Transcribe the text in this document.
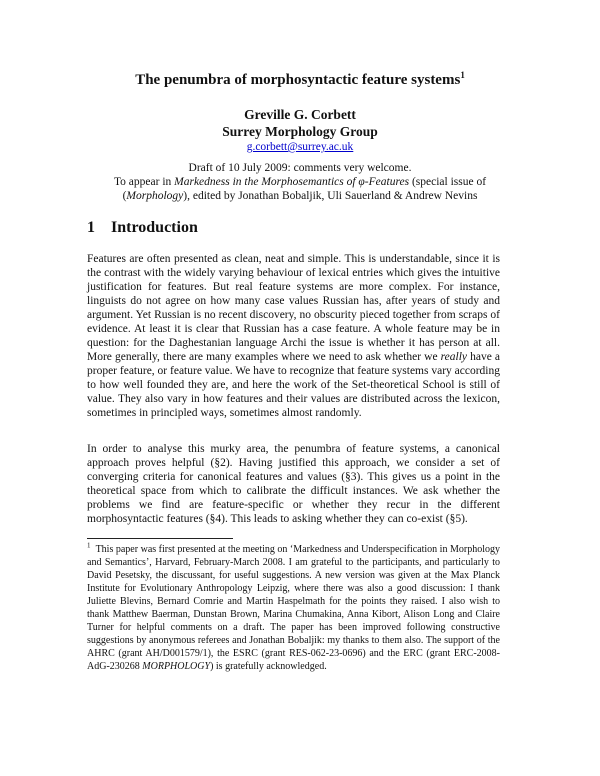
The penumbra of morphosyntactic feature systems$^1$
Greville G. Corbett
Surrey Morphology Group
g.corbett@surrey.ac.uk
Draft of 10 July 2009: comments very welcome.
To appear in Markedness in the Morphosemantics of φ-Features (special issue of
(Morphology), edited by Jonathan Bobaljik, Uli Sauerland & Andrew Nevins
1 Introduction
Features are often presented as clean, neat and simple. This is understandable, since it is the contrast with the widely varying behaviour of lexical entries which gives the intuitive justification for features. But real feature systems are more complex. For instance, linguists do not agree on how many case values Russian has, after years of study and argument. Yet Russian is no recent discovery, no obscurity pieced together from scraps of evidence. At least it is clear that Russian has a case feature. A whole feature may be in question: for the Daghestanian language Archi the issue is whether it has person at all. More generally, there are many examples where we need to ask whether we really have a proper feature, or feature value. We have to recognize that feature systems vary according to how well founded they are, and here the work of the Set-theoretical School is still of value. They also vary in how features and their values are distributed across the lexicon, sometimes in principled ways, sometimes almost randomly.
In order to analyse this murky area, the penumbra of feature systems, a canonical approach proves helpful (§2). Having justified this approach, we consider a set of converging criteria for canonical features and values (§3). This gives us a point in the theoretical space from which to calibrate the difficult instances. We ask whether the problems we find are feature-specific or whether they recur in the different morphosyntactic features (§4). This leads to asking whether they can co-exist (§5).
$^1$ This paper was first presented at the meeting on ‘Markedness and Underspecification in Morphology and Semantics’, Harvard, February-March 2008. I am grateful to the participants, and particularly to David Pesetsky, the discussant, for useful suggestions. A new version was given at the Max Planck Institute for Evolutionary Anthropology Leipzig, where there was also a good discussion: I thank Juliette Blevins, Bernard Comrie and Martin Haspelmath for the points they raised. I also wish to thank Matthew Baerman, Dunstan Brown, Marina Chumakina, Anna Kibort, Alison Long and Claire Turner for helpful comments on a draft. The paper has been improved following constructive suggestions by anonymous referees and Jonathan Bobaljik: my thanks to them also. The support of the AHRC (grant AH/D001579/1), the ESRC (grant RES-062-23-0696) and the ERC (grant ERC-2008-AdG-230268 MORPHOLOGY) is gratefully acknowledged.
